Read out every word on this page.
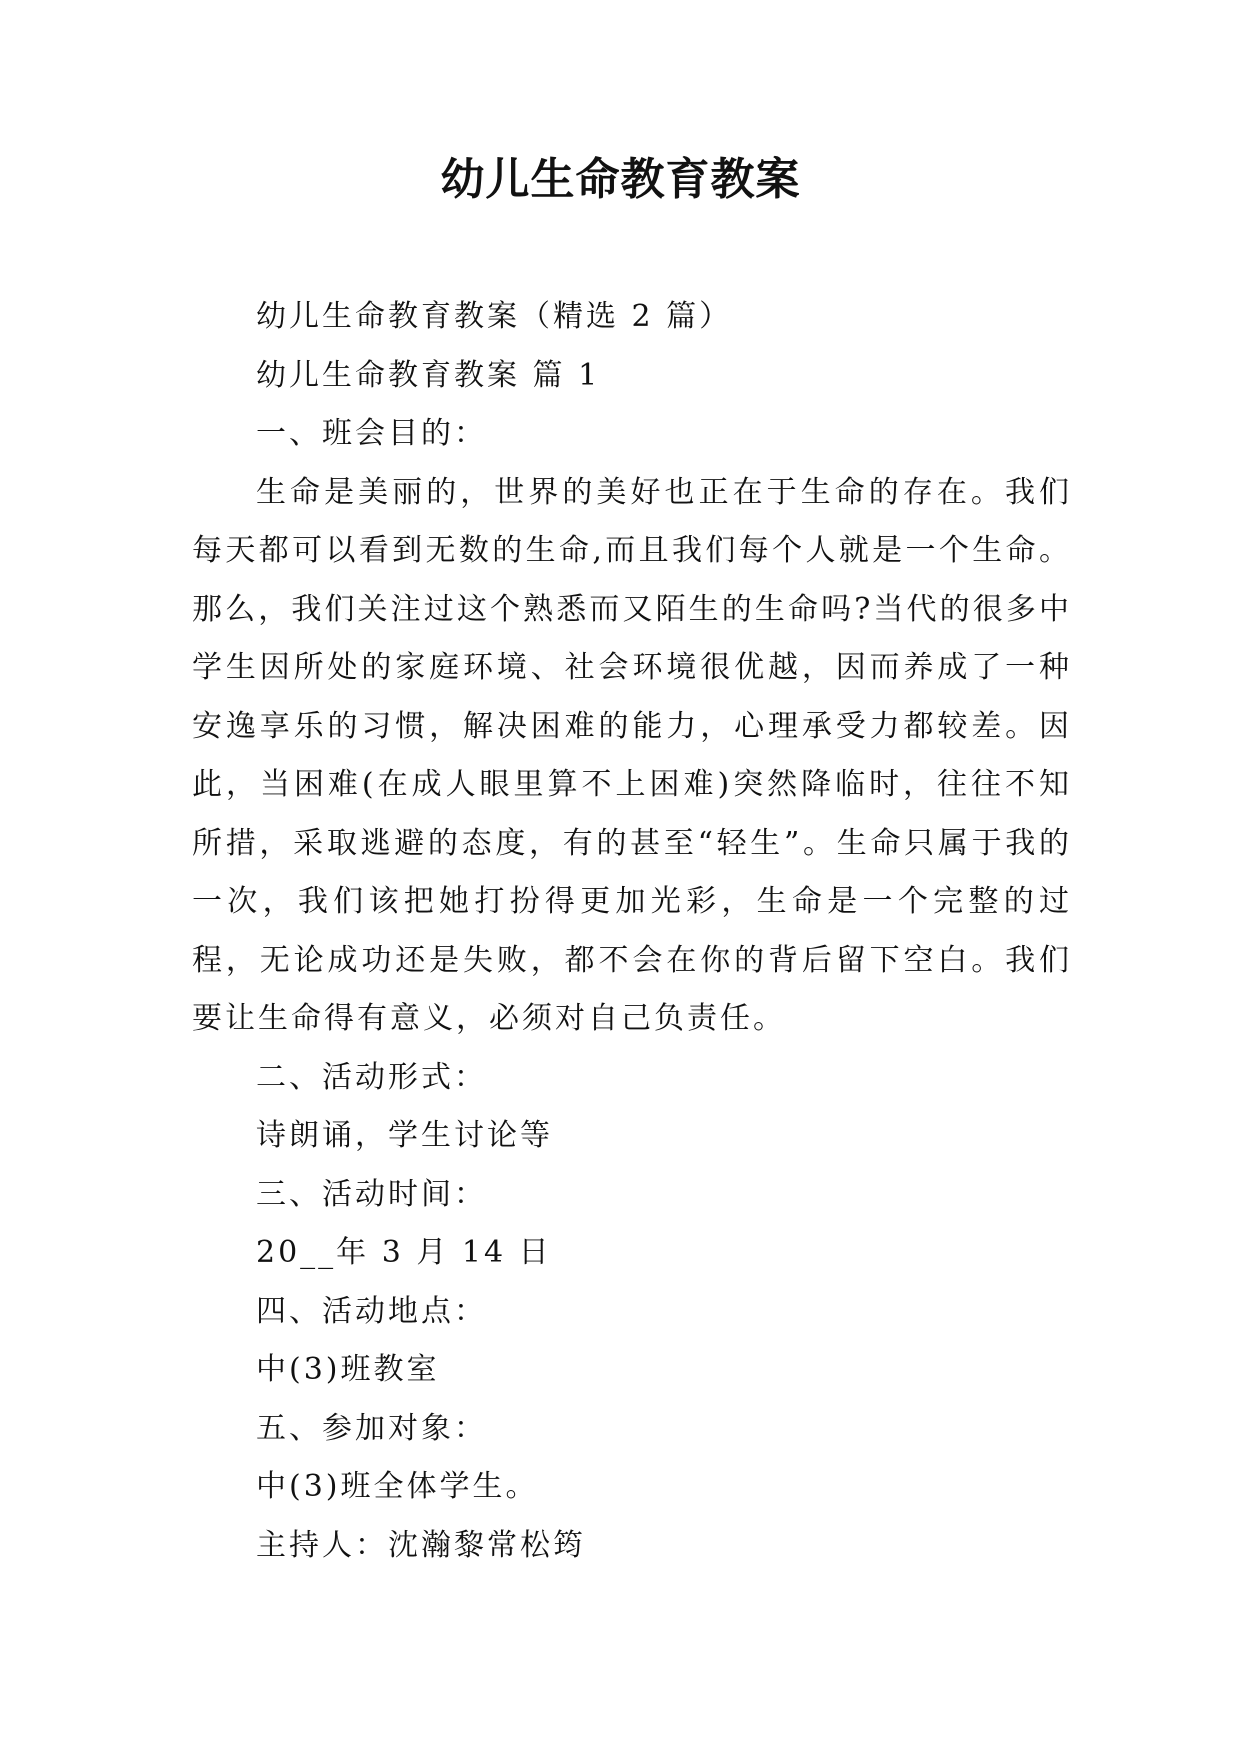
幼儿生命教育教案

幼儿生命教育教案（精选 2 篇）

幼儿生命教育教案 篇 1

一、班会目的：

生命是美丽的，世界的美好也正在于生命的存在。我们每天都可以看到无数的生命,而且我们每个人就是一个生命。那么，我们关注过这个熟悉而又陌生的生命吗?当代的很多中学生因所处的家庭环境、社会环境很优越，因而养成了一种安逸享乐的习惯，解决困难的能力，心理承受力都较差。因此，当困难(在成人眼里算不上困难)突然降临时，往往不知所措，采取逃避的态度，有的甚至“轻生”。生命只属于我的一次，我们该把她打扮得更加光彩，生命是一个完整的过程，无论成功还是失败，都不会在你的背后留下空白。我们要让生命得有意义，必须对自己负责任。

二、活动形式：

诗朗诵，学生讨论等

三、活动时间：

20__年 3 月 14 日

四、活动地点：

中(3)班教室

五、参加对象：

中(3)班全体学生。

主持人：沈瀚黎常松筠
